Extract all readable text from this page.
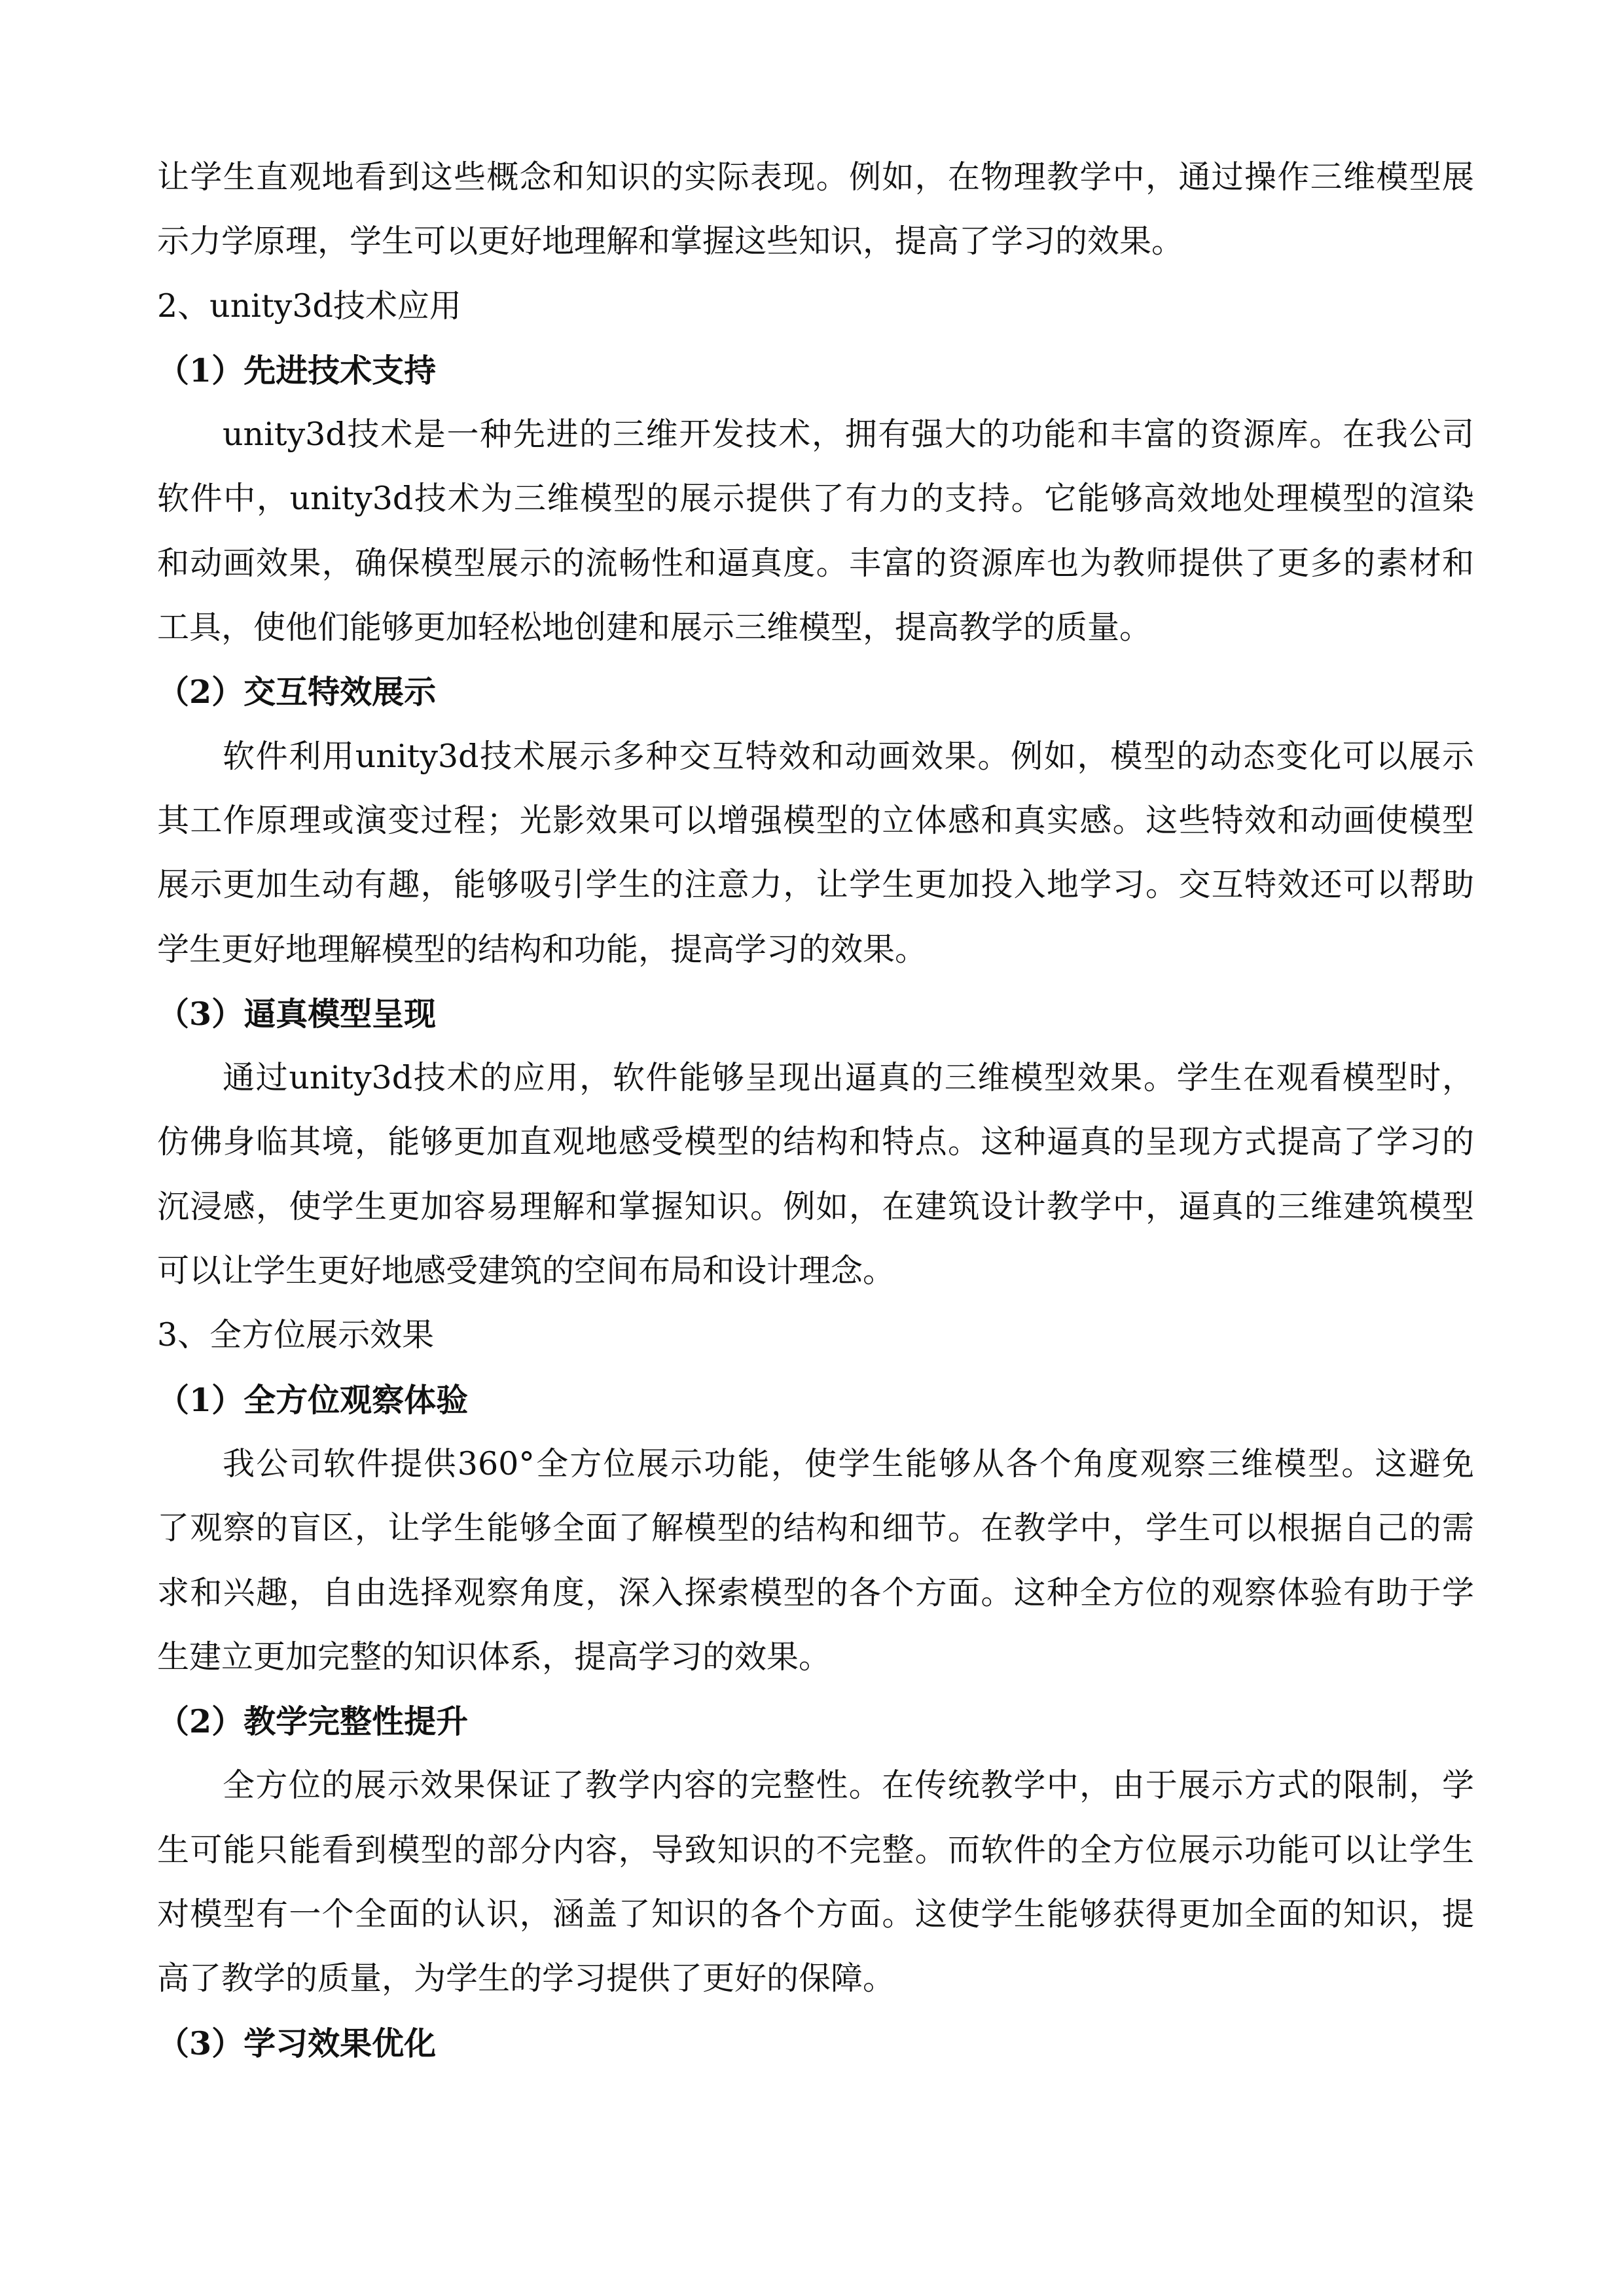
让学生直观地看到这些概念和知识的实际表现。例如，在物理教学中，通过操作三维模型展
示力学原理，学生可以更好地理解和掌握这些知识，提高了学习的效果。
2、unity3d技术应用
（1）先进技术支持
unity3d技术是一种先进的三维开发技术，拥有强大的功能和丰富的资源库。在我公司
软件中，unity3d技术为三维模型的展示提供了有力的支持。它能够高效地处理模型的渲染
和动画效果，确保模型展示的流畅性和逼真度。丰富的资源库也为教师提供了更多的素材和
工具，使他们能够更加轻松地创建和展示三维模型，提高教学的质量。
（2）交互特效展示
软件利用unity3d技术展示多种交互特效和动画效果。例如，模型的动态变化可以展示
其工作原理或演变过程；光影效果可以增强模型的立体感和真实感。这些特效和动画使模型
展示更加生动有趣，能够吸引学生的注意力，让学生更加投入地学习。交互特效还可以帮助
学生更好地理解模型的结构和功能，提高学习的效果。
（3）逼真模型呈现
通过unity3d技术的应用，软件能够呈现出逼真的三维模型效果。学生在观看模型时，
仿佛身临其境，能够更加直观地感受模型的结构和特点。这种逼真的呈现方式提高了学习的
沉浸感，使学生更加容易理解和掌握知识。例如，在建筑设计教学中，逼真的三维建筑模型
可以让学生更好地感受建筑的空间布局和设计理念。
3、全方位展示效果
（1）全方位观察体验
我公司软件提供360°全方位展示功能，使学生能够从各个角度观察三维模型。这避免
了观察的盲区，让学生能够全面了解模型的结构和细节。在教学中，学生可以根据自己的需
求和兴趣，自由选择观察角度，深入探索模型的各个方面。这种全方位的观察体验有助于学
生建立更加完整的知识体系，提高学习的效果。
（2）教学完整性提升
全方位的展示效果保证了教学内容的完整性。在传统教学中，由于展示方式的限制，学
生可能只能看到模型的部分内容，导致知识的不完整。而软件的全方位展示功能可以让学生
对模型有一个全面的认识，涵盖了知识的各个方面。这使学生能够获得更加全面的知识，提
高了教学的质量，为学生的学习提供了更好的保障。
（3）学习效果优化
